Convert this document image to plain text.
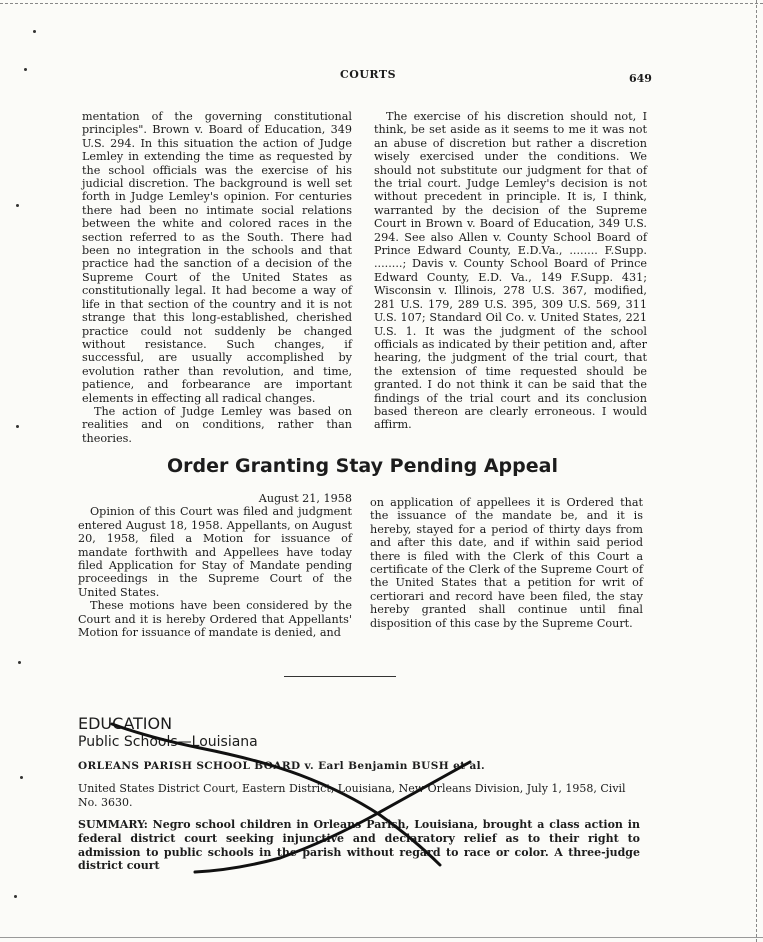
COURTS	649

mentation of the governing constitutional principles". Brown v. Board of Education, 349 U.S. 294. In this situation the action of Judge Lemley in extending the time as requested by the school officials was the exercise of his judicial discretion. The background is well set forth in Judge Lemley's opinion. For centuries there had been no intimate social relations between the white and colored races in the section referred to as the South. There had been no integration in the schools and that practice had the sanction of a decision of the Supreme Court of the United States as constitutionally legal. It had become a way of life in that section of the country and it is not strange that this long-established, cherished practice could not suddenly be changed without resistance. Such changes, if successful, are usually accomplished by evolution rather than revolution, and time, patience, and forbearance are important elements in effecting all radical changes.

The action of Judge Lemley was based on realities and on conditions, rather than theories.

The exercise of his discretion should not, I think, be set aside as it seems to me it was not an abuse of discretion but rather a discretion wisely exercised under the conditions. We should not substitute our judgment for that of the trial court. Judge Lemley's decision is not without precedent in principle. It is, I think, warranted by the decision of the Supreme Court in Brown v. Board of Education, 349 U.S. 294. See also Allen v. County School Board of Prince Edward County, E.D.Va., ........ F.Supp. ........; Davis v. County School Board of Prince Edward County, E.D. Va., 149 F.Supp. 431; Wisconsin v. Illinois, 278 U.S. 367, modified, 281 U.S. 179, 289 U.S. 395, 309 U.S. 569, 311 U.S. 107; Standard Oil Co. v. United States, 221 U.S. 1. It was the judgment of the school officials as indicated by their petition and, after hearing, the judgment of the trial court, that the extension of time requested should be granted. I do not think it can be said that the findings of the trial court and its conclusion based thereon are clearly erroneous. I would affirm.

Order Granting Stay Pending Appeal

August 21, 1958

Opinion of this Court was filed and judgment entered August 18, 1958. Appellants, on August 20, 1958, filed a Motion for issuance of mandate forthwith and Appellees have today filed Application for Stay of Mandate pending proceedings in the Supreme Court of the United States.

These motions have been considered by the Court and it is hereby Ordered that Appellants' Motion for issuance of mandate is denied, and

on application of appellees it is Ordered that the issuance of the mandate be, and it is hereby, stayed for a period of thirty days from and after this date, and if within said period there is filed with the Clerk of this Court a certificate of the Clerk of the Supreme Court of the United States that a petition for writ of certiorari and record have been filed, the stay hereby granted shall continue until final disposition of this case by the Supreme Court.

EDUCATION
Public Schools—Louisiana
ORLEANS PARISH SCHOOL BOARD v. Earl Benjamin BUSH et al.
United States District Court, Eastern District, Louisiana, New Orleans Division, July 1, 1958, Civil No. 3630.
SUMMARY: Negro school children in Orleans Parish, Louisiana, brought a class action in federal district court seeking injunctive and declaratory relief as to their right to admission to public schools in the parish without regard to race or color. A three-judge district court
